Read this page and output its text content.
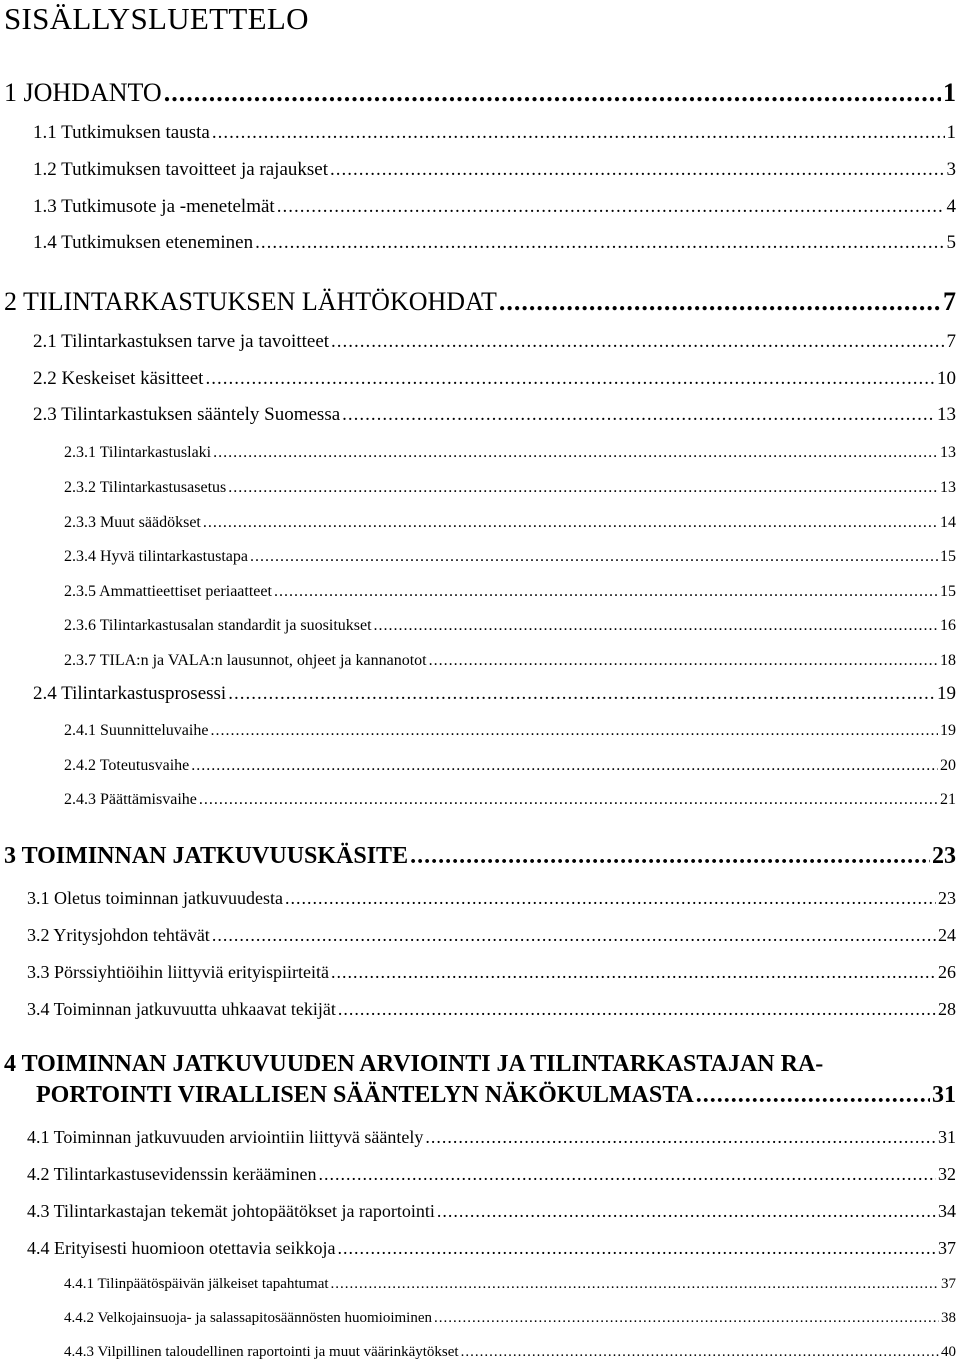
SISÄLLYSLUETTELO
1 JOHDANTO .....	1
1.1 Tutkimuksen tausta .....	1
1.2 Tutkimuksen tavoitteet ja rajaukset .....	3
1.3 Tutkimusote ja -menetelmät .....	4
1.4 Tutkimuksen eteneminen .....	5
2 TILINTARKASTUKSEN LÄHTÖKOHDAT .....	7
2.1 Tilintarkastuksen tarve ja tavoitteet .....	7
2.2 Keskeiset käsitteet .....	10
2.3 Tilintarkastuksen sääntely Suomessa .....	13
2.3.1 Tilintarkastuslaki .....	13
2.3.2 Tilintarkastusasetus .....	13
2.3.3 Muut säädökset .....	14
2.3.4 Hyvä tilintarkastustapa .....	15
2.3.5 Ammattieettiset periaatteet .....	15
2.3.6 Tilintarkastusalan standardit ja suositukset .....	16
2.3.7 TILA:n ja VALA:n lausunnot, ohjeet ja kannanotot .....	18
2.4 Tilintarkastusprosessi .....	19
2.4.1 Suunnitteluvaihe .....	19
2.4.2 Toteutusvaihe .....	20
2.4.3 Päättämisvaihe .....	21
3 TOIMINNAN JATKUVUUSKÄSITE .....	23
3.1 Oletus toiminnan jatkuvuudesta .....	23
3.2 Yritysjohdon tehtävät .....	24
3.3 Pörssiyhtiöihin liittyviä erityispiirteitä .....	26
3.4 Toiminnan jatkuvuutta uhkaavat tekijät .....	28
4 TOIMINNAN JATKUVUUDEN ARVIOINTI JA TILINTARKASTAJAN RA-
PORTOINTI VIRALLISEN SÄÄNTELYN NÄKÖKULMASTA .....	31
4.1 Toiminnan jatkuvuuden arviointiin liittyvä sääntely .....	31
4.2 Tilintarkastusevidenssin kerääminen .....	32
4.3 Tilintarkastajan tekemät johtopäätökset ja raportointi .....	34
4.4 Erityisesti huomioon otettavia seikkoja .....	37
4.4.1 Tilinpäätöspäivän jälkeiset tapahtumat .....	37
4.4.2 Velkojainsuoja- ja salassapitosäännösten huomioiminen .....	38
4.4.3 Vilpillinen taloudellinen raportointi ja muut väärinkäytökset .....	40
